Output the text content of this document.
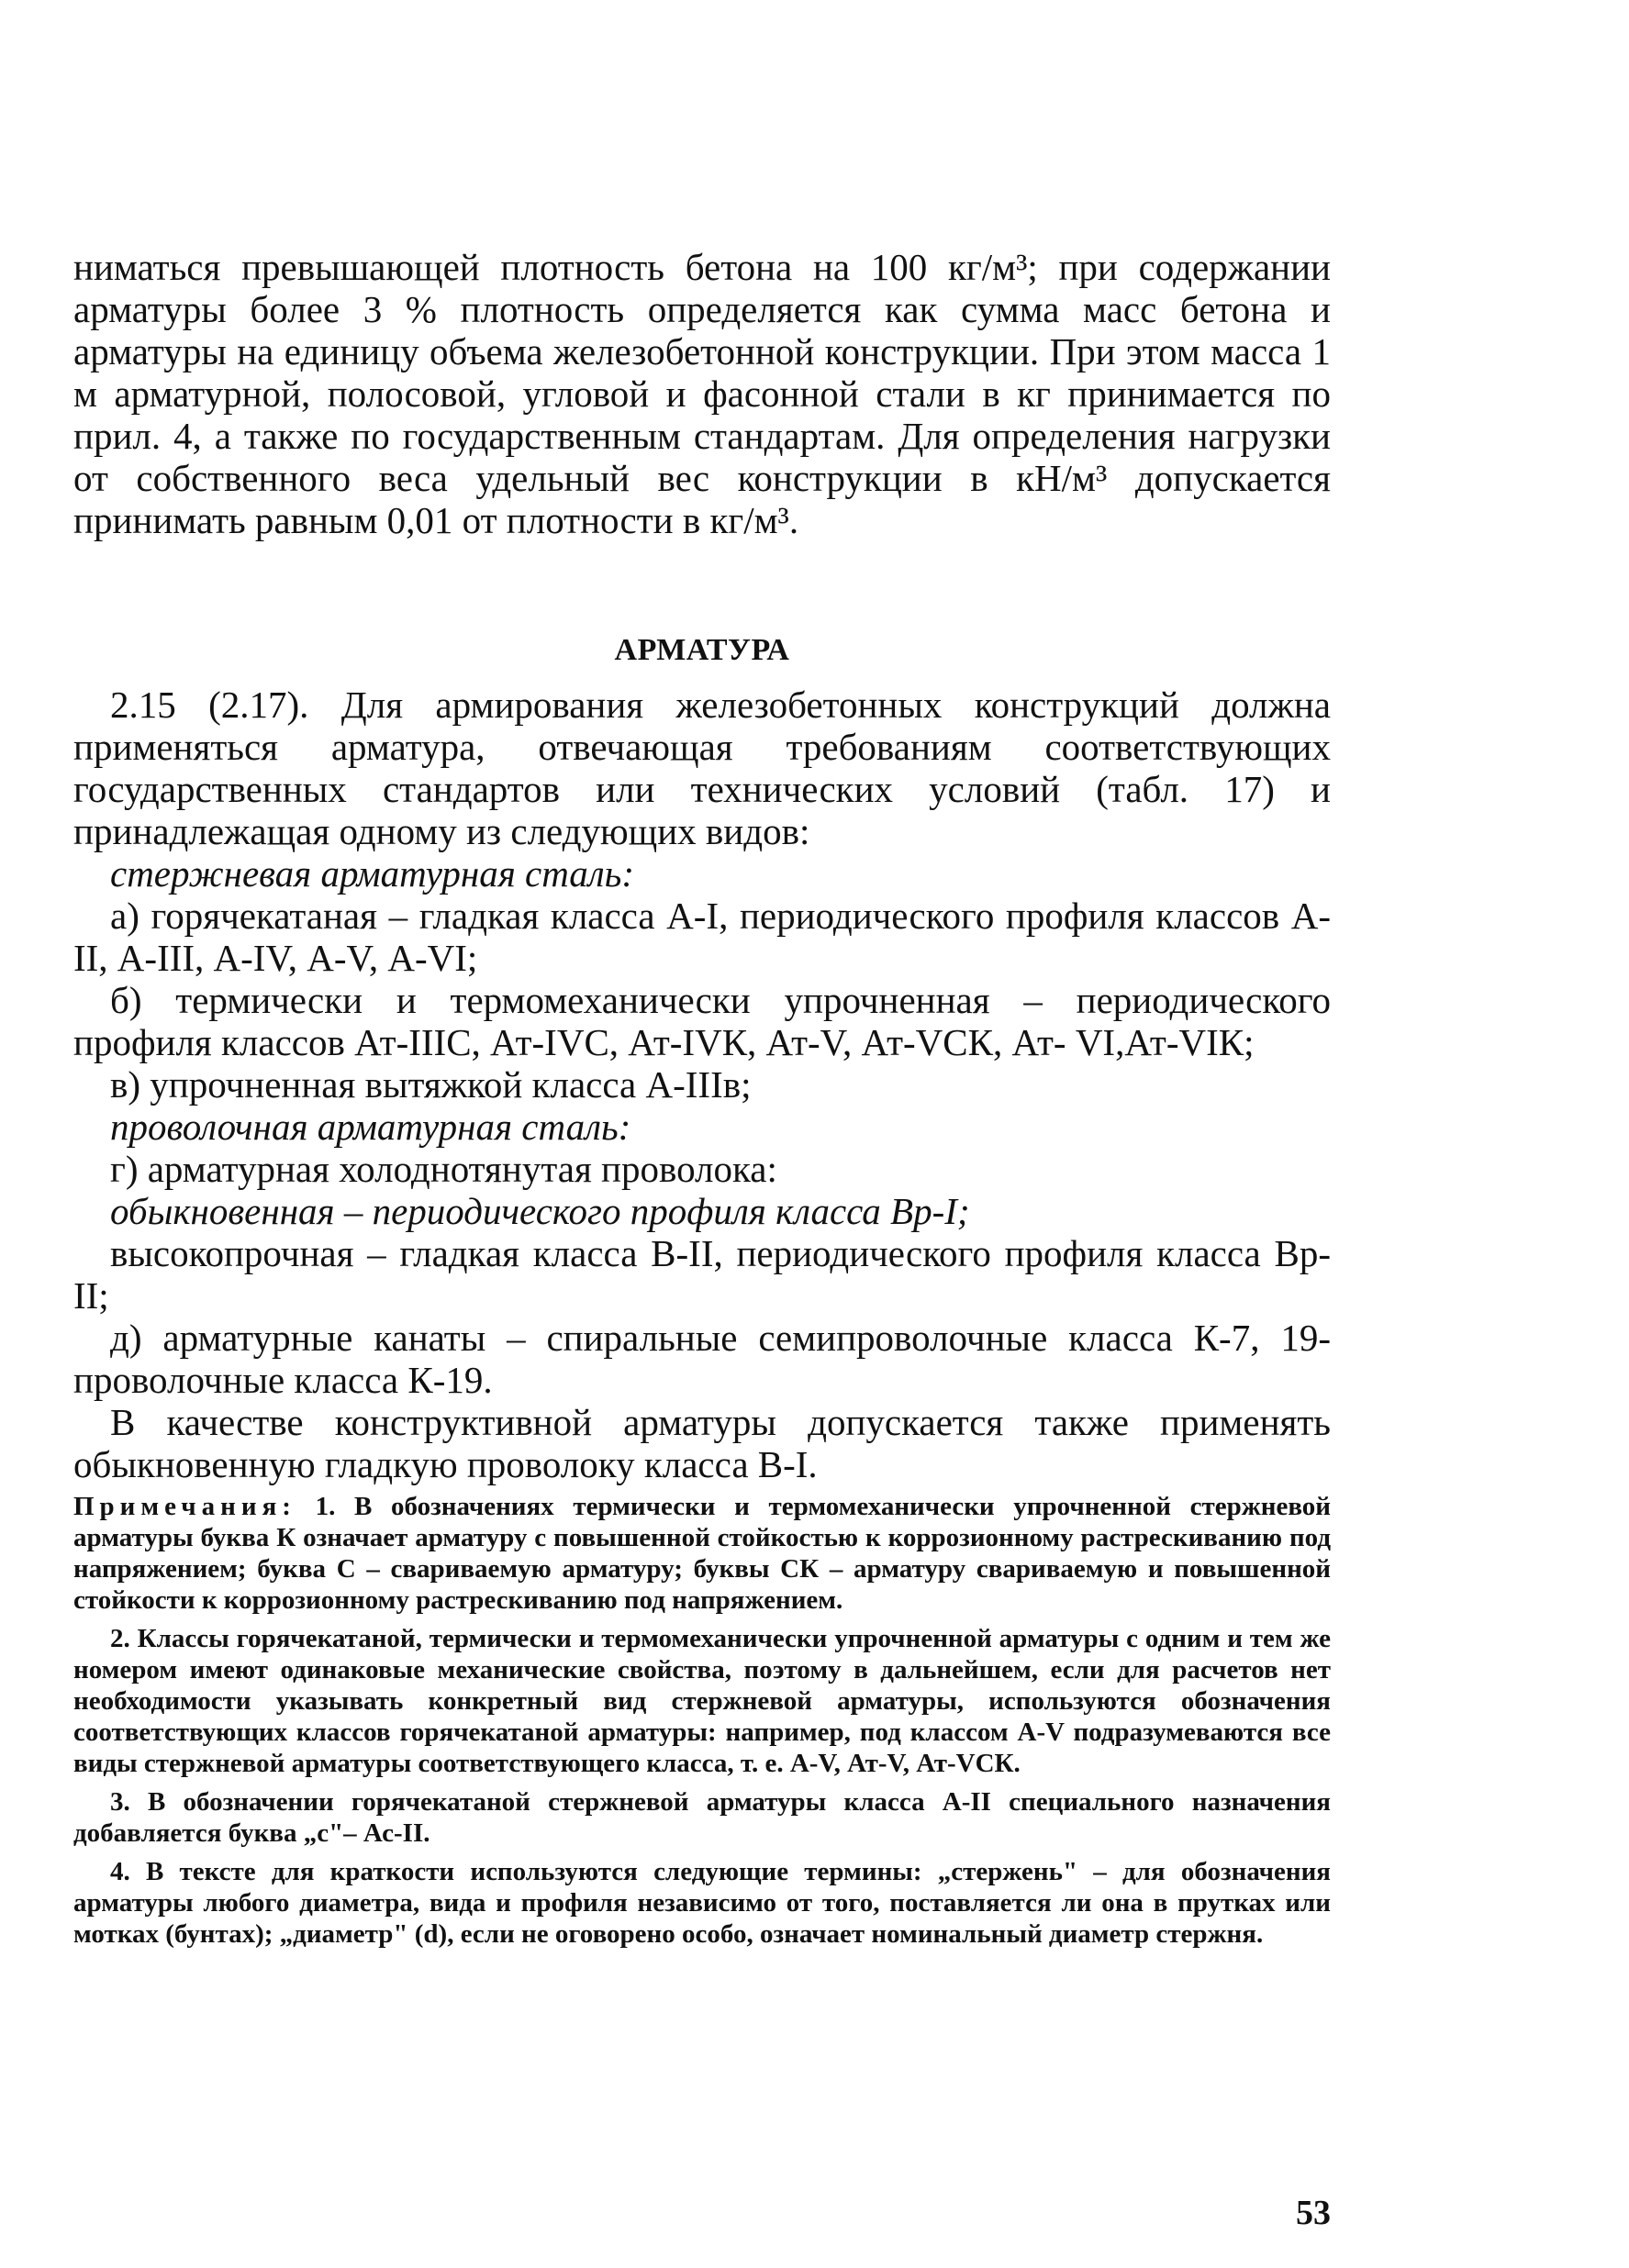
ниматься превышающей плотность бетона на 100 кг/м³; при содержании арматуры более 3 % плотность определяется как сумма масс бетона и арматуры на единицу объема железобетонной конструкции. При этом масса 1 м арматурной, полосовой, угловой и фасонной стали в кг принимается по прил. 4, а также по государственным стандартам. Для определения нагрузки от собственного веса удельный вес конструкции в кН/м³ допускается принимать равным 0,01 от плотности в кг/м³.

АРМАТУРА

2.15 (2.17). Для армирования железобетонных конструкций должна применяться арматура, отвечающая требованиям соответствующих государственных стандартов или технических условий (табл. 17) и принадлежащая одному из следующих видов:

стержневая арматурная сталь:

а) горячекатаная – гладкая класса А-I, периодического профиля классов А-II, А-III, А-IV, А-V, А-VI;

б) термически и термомеханически упрочненная – периодического профиля классов Ат-IIIС, Ат-IVС, Ат-IVК, Ат-V, Ат-VСК, Ат- VI,Ат-VIК;

в) упрочненная вытяжкой класса А-IIIв;

проволочная арматурная сталь:

г) арматурная холоднотянутая проволока:

обыкновенная – периодического профиля класса Вр-I;

высокопрочная – гладкая класса В-II, периодического профиля класса Вр-II;

д) арматурные канаты – спиральные семипроволочные класса К-7, 19-проволочные класса К-19.

В качестве конструктивной арматуры допускается также применять обыкновенную гладкую проволоку класса В-I.

Примечания: 1. В обозначениях термически и термомеханически упрочненной стержневой арматуры буква К означает арматуру с повышенной стойкостью к коррозионному растрескиванию под напряжением; буква С – свариваемую арматуру; буквы СК – арматуру свариваемую и повышенной стойкости к коррозионному растрескиванию под напряжением.

2. Классы горячекатаной, термически и термомеханически упрочненной арматуры с одним и тем же номером имеют одинаковые механические свойства, поэтому в дальнейшем, если для расчетов нет необходимости указывать конкретный вид стержневой арматуры, используются обозначения соответствующих классов горячекатаной арматуры: например, под классом А-V подразумеваются все виды стержневой арматуры соответствующего класса, т. е. А-V, Ат-V, Ат-VСК.

3. В обозначении горячекатаной стержневой арматуры класса А-II специального назначения добавляется буква „с"– Ас-II.

4. В тексте для краткости используются следующие термины: „стержень" – для обозначения арматуры любого диаметра, вида и профиля независимо от того, поставляется ли она в прутках или мотках (бунтах); „диаметр" (d), если не оговорено особо, означает номинальный диаметр стержня.

53
